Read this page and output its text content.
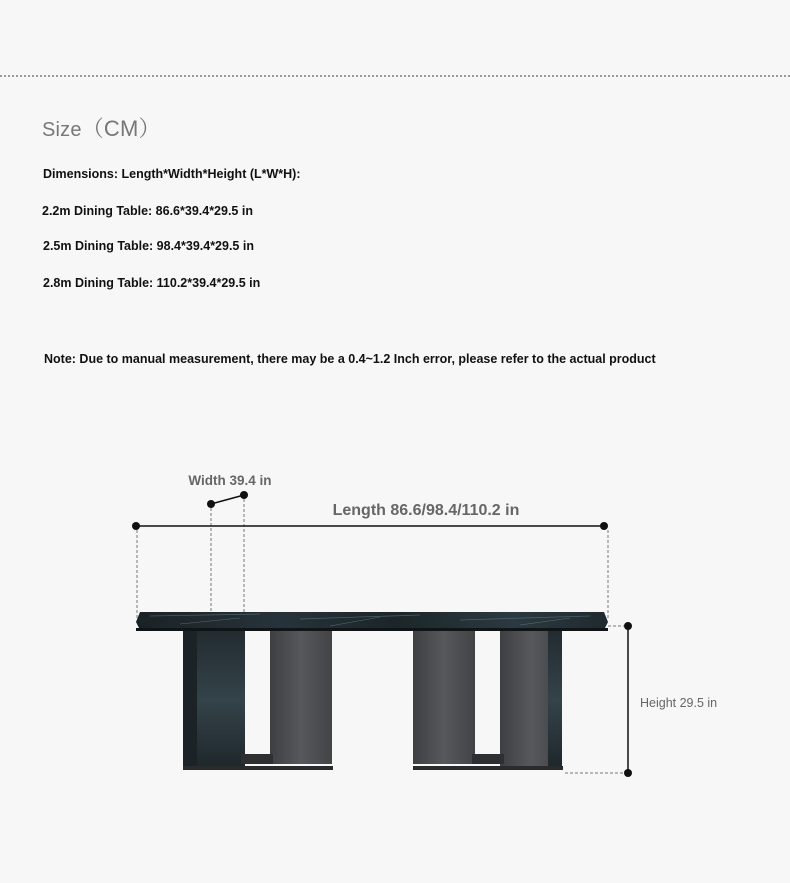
Size（CM）
Dimensions: Length*Width*Height (L*W*H):
2.2m Dining Table: 86.6*39.4*29.5 in
2.5m Dining Table: 98.4*39.4*29.5 in
2.8m Dining Table: 110.2*39.4*29.5 in
Note: Due to manual measurement, there may be a 0.4~1.2 Inch error, please refer to the actual product
Width 39.4 in
Length 86.6/98.4/110.2 in
Height 29.5 in
